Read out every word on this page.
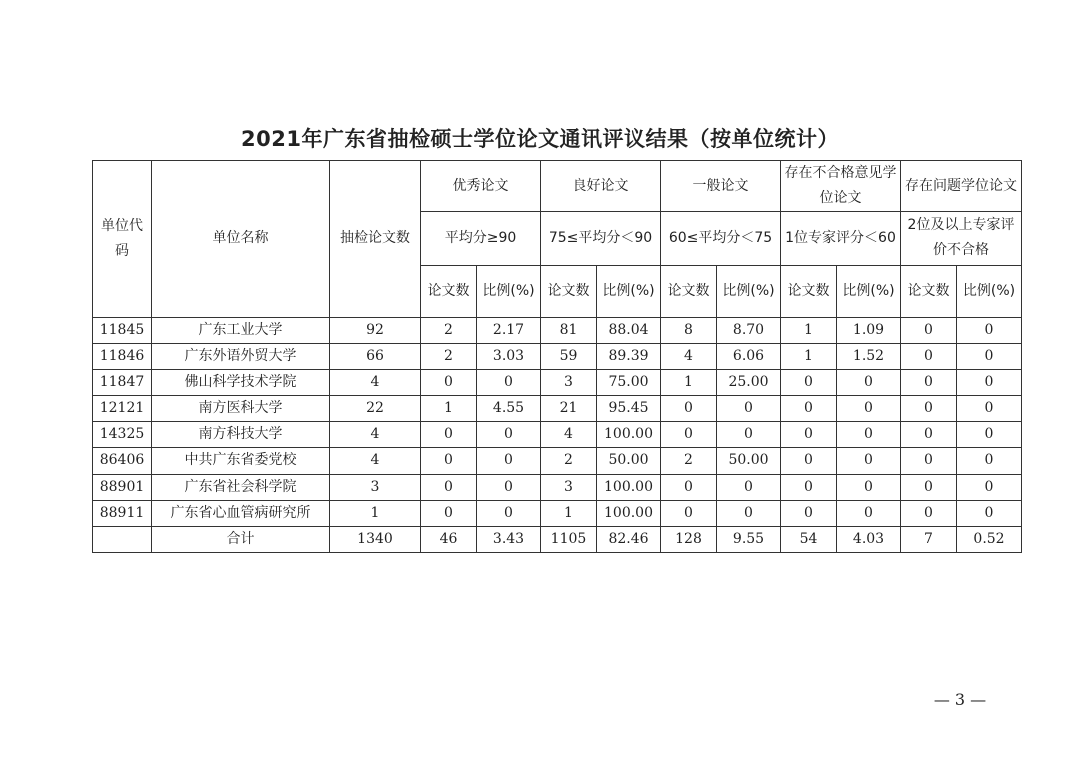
2021年广东省抽检硕士学位论文通讯评议结果（按单位统计）
单位代码	单位名称	抽检论文数	优秀论文		良好论文		一般论文		存在不合格意见学位论文		存在问题学位论文	
			平均分≥90		75≤平均分＜90		60≤平均分＜75		1位专家评分＜60		2位及以上专家评价不合格	
			论文数	比例(%)	论文数	比例(%)	论文数	比例(%)	论文数	比例(%)	论文数	比例(%)
11845	广东工业大学	92	2	2.17	81	88.04	8	8.70	1	1.09	0	0
11846	广东外语外贸大学	66	2	3.03	59	89.39	4	6.06	1	1.52	0	0
11847	佛山科学技术学院	4	0	0	3	75.00	1	25.00	0	0	0	0
12121	南方医科大学	22	1	4.55	21	95.45	0	0	0	0	0	0
14325	南方科技大学	4	0	0	4	100.00	0	0	0	0	0	0
86406	中共广东省委党校	4	0	0	2	50.00	2	50.00	0	0	0	0
88901	广东省社会科学院	3	0	0	3	100.00	0	0	0	0	0	0
88911	广东省心血管病研究所	1	0	0	1	100.00	0	0	0	0	0	0
	合计	1340	46	3.43	1105	82.46	128	9.55	54	4.03	7	0.52
— 3 —
